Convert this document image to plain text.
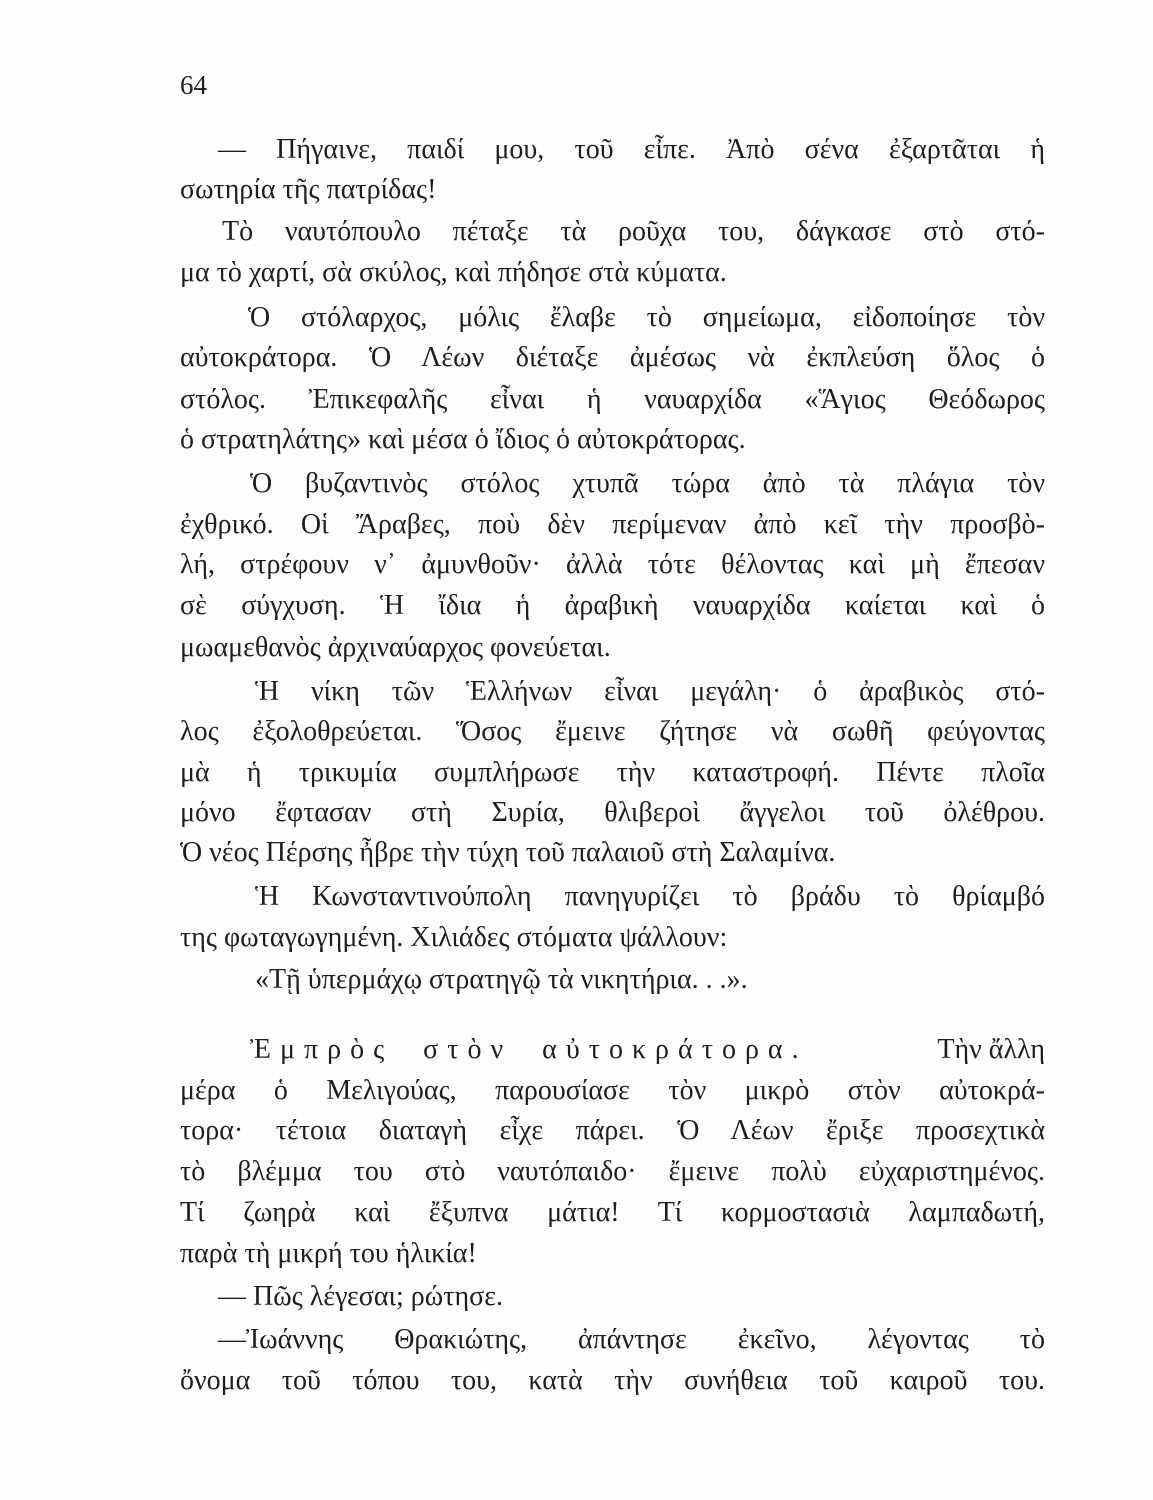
64
— Πήγαινε, παιδί μου, τοῦ εἶπε. Ἀπὸ σένα ἐξαρτᾶται ἡ
σωτηρία τῆς πατρίδας!
Τὸ ναυτόπουλο πέταξε τὰ ροῦχα του, δάγκασε στὸ στό-
μα τὸ χαρτί, σὰ σκύλος, καὶ πήδησε στὰ κύματα.
Ὁ στόλαρχος, μόλις ἔλαβε τὸ σημείωμα, εἰδοποίησε τὸν
αὐτοκράτορα. Ὁ Λέων διέταξε ἀμέσως νὰ ἐκπλεύση ὅλος ὁ
στόλος. Ἐπικεφαλῆς εἶναι ἡ ναυαρχίδα «Ἅγιος Θεόδωρος
ὁ στρατηλάτης» καὶ μέσα ὁ ἴδιος ὁ αὐτοκράτορας.
Ὁ βυζαντινὸς στόλος χτυπᾶ τώρα ἀπὸ τὰ πλάγια τὸν
ἐχθρικό. Οἱ Ἄραβες, ποὺ δὲν περίμεναν ἀπὸ κεῖ τὴν προσβὸ-
λή, στρέφουν ν᾿ ἀμυνθοῦν· ἀλλὰ τότε θέλοντας καὶ μὴ ἔπεσαν
σὲ σύγχυση. Ἡ ἴδια ἡ ἀραβικὴ ναυαρχίδα καίεται καὶ ὁ
μωαμεθανὸς ἀρχιναύαρχος φονεύεται.
Ἡ νίκη τῶν Ἑλλήνων εἶναι μεγάλη· ὁ ἀραβικὸς στό-
λος ἐξολοθρεύεται. Ὅσος ἔμεινε ζήτησε νὰ σωθῆ φεύγοντας
μὰ ἡ τρικυμία συμπλήρωσε τὴν καταστροφή. Πέντε πλοῖα
μόνο ἔφτασαν στὴ Συρία, θλιβεροὶ ἄγγελοι τοῦ ὀλέθρου.
Ὁ νέος Πέρσης ἦβρε τὴν τύχη τοῦ παλαιοῦ στὴ Σαλαμίνα.
Ἡ Κωνσταντινούπολη πανηγυρίζει τὸ βράδυ τὸ θρίαμβό
της φωταγωγημένη. Χιλιάδες στόματα ψάλλουν:
«Τῇ ὑπερμάχῳ στρατηγῷ τὰ νικητήρια. . .».
Ἐμπρὸς στὸν αὐτοκράτορα.	Τὴν ἄλλη
μέρα ὁ Μελιγούας, παρουσίασε τὸν μικρὸ στὸν αὐτοκρά-
τορα· τέτοια διαταγὴ εἶχε πάρει. Ὁ Λέων ἔριξε προσεχτικὰ
τὸ βλέμμα του στὸ ναυτόπαιδο· ἔμεινε πολὺ εὐχαριστημένος.
Τί ζωηρὰ καὶ ἔξυπνα μάτια! Τί κορμοστασιὰ λαμπαδωτή,
παρὰ τὴ μικρή του ἡλικία!
— Πῶς λέγεσαι; ρώτησε.
—Ἰωάννης Θρακιώτης, ἀπάντησε ἐκεῖνο, λέγοντας τὸ
ὄνομα τοῦ τόπου του, κατὰ τὴν συνήθεια τοῦ καιροῦ του.
